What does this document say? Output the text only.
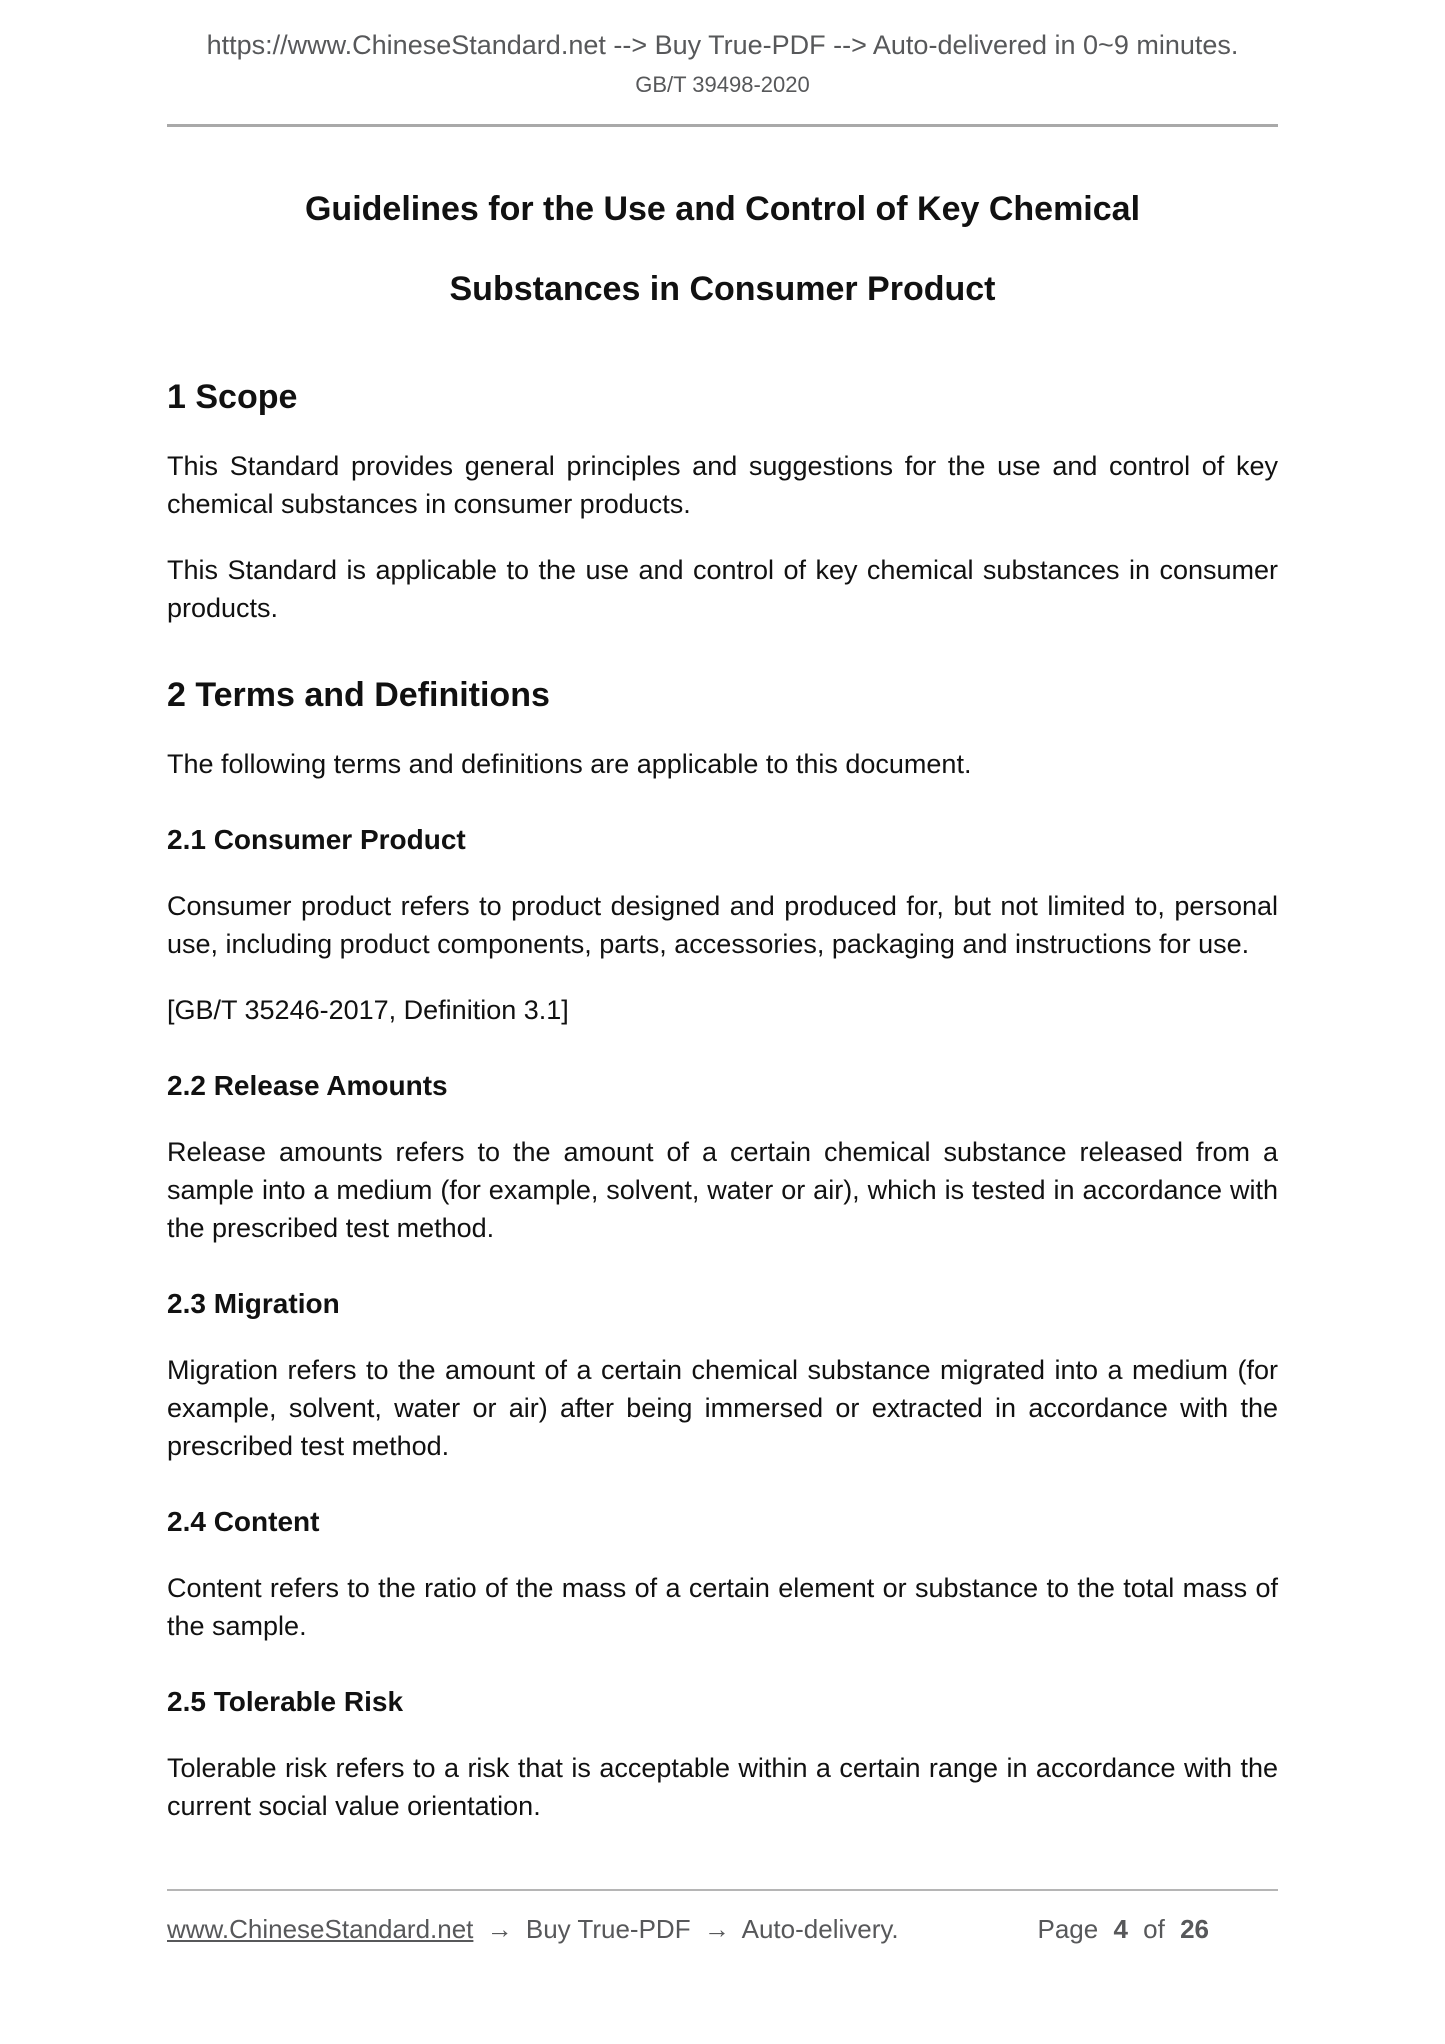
https://www.ChineseStandard.net --> Buy True-PDF --> Auto-delivered in 0~9 minutes.
GB/T 39498-2020
Guidelines for the Use and Control of Key Chemical
Substances in Consumer Product
1 Scope

This Standard provides general principles and suggestions for the use and control of key chemical substances in consumer products.

This Standard is applicable to the use and control of key chemical substances in consumer products.

2 Terms and Definitions

The following terms and definitions are applicable to this document.

2.1 Consumer Product

Consumer product refers to product designed and produced for, but not limited to, personal use, including product components, parts, accessories, packaging and instructions for use.

[GB/T 35246-2017, Definition 3.1]

2.2 Release Amounts

Release amounts refers to the amount of a certain chemical substance released from a sample into a medium (for example, solvent, water or air), which is tested in accordance with the prescribed test method.

2.3 Migration

Migration refers to the amount of a certain chemical substance migrated into a medium (for example, solvent, water or air) after being immersed or extracted in accordance with the prescribed test method.

2.4 Content

Content refers to the ratio of the mass of a certain element or substance to the total mass of the sample.

2.5 Tolerable Risk

Tolerable risk refers to a risk that is acceptable within a certain range in accordance with the current social value orientation.

www.ChineseStandard.net → Buy True-PDF → Auto-delivery.	Page 4 of 26
